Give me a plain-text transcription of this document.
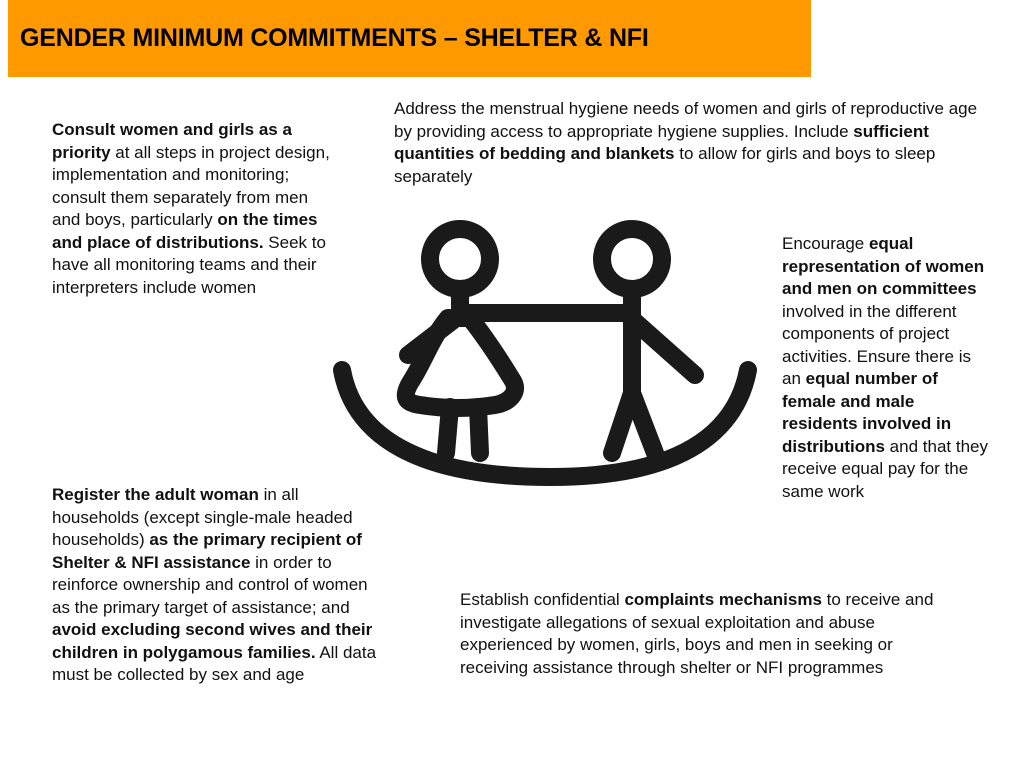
GENDER MINIMUM COMMITMENTS – SHELTER & NFI
Consult women and girls as a priority at all steps in project design, implementation and monitoring; consult them separately from men and boys, particularly on the times and place of distributions. Seek to have all monitoring teams and their interpreters include women
Address the menstrual hygiene needs of women and girls of reproductive age by providing access to appropriate hygiene supplies. Include sufficient quantities of bedding and blankets to allow for girls and boys to sleep separately
Encourage equal representation of women and men on committees involved in the different components of project activities. Ensure there is an equal number of female and male residents involved in distributions and that they receive equal pay for the same work
Register the adult woman in all households (except single-male headed households) as the primary recipient of Shelter & NFI assistance in order to reinforce ownership and control of women as the primary target of assistance; and avoid excluding second wives and their children in polygamous families. All data must be collected by sex and age
Establish confidential complaints mechanisms to receive and investigate allegations of sexual exploitation and abuse experienced by women, girls, boys and men in seeking or receiving assistance through shelter or NFI programmes
